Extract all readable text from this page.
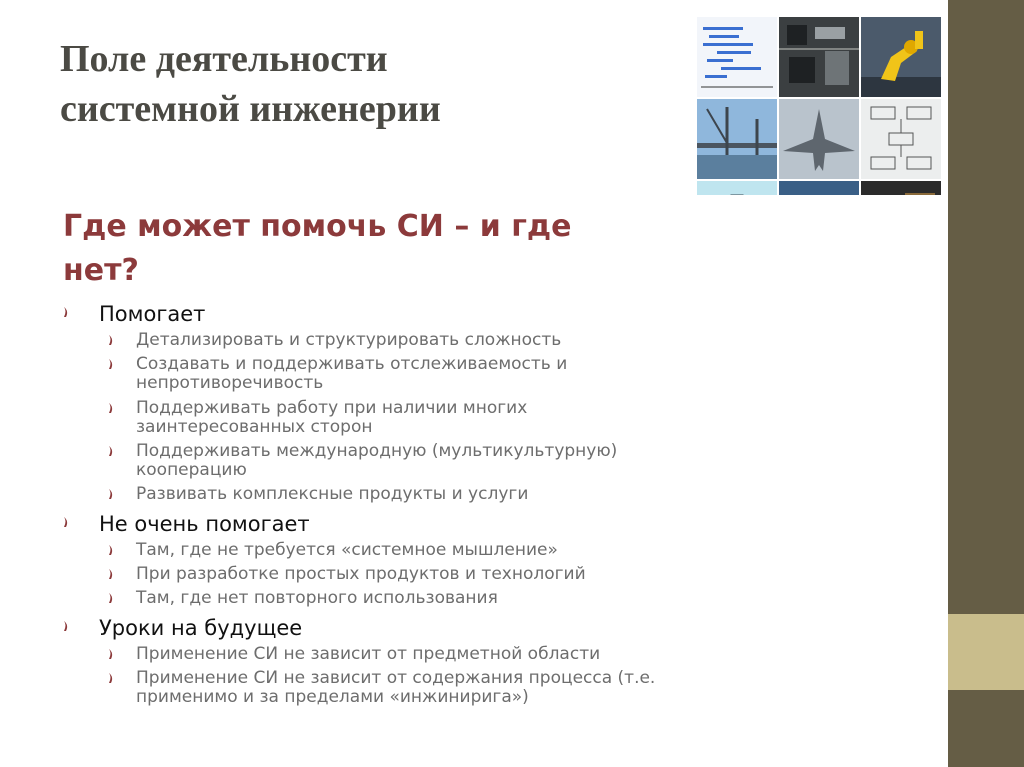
Поле деятельности
системной инженерии
Где может помочь СИ – и где
нет?
Помогает
Детализировать и структурировать сложность
Создавать и поддерживать отслеживаемость и
непротиворечивость
Поддерживать работу при наличии многих
заинтересованных сторон
Поддерживать международную (мультикультурную)
кооперацию
Развивать комплексные продукты и услуги
Не очень помогает
Там, где не требуется «системное мышление»
При разработке простых продуктов и технологий
Там, где нет повторного использования
Уроки на будущее
Применение СИ не зависит от предметной области
Применение СИ не зависит от содержания процесса (т.е.
применимо и за пределами «инжинирига»)
